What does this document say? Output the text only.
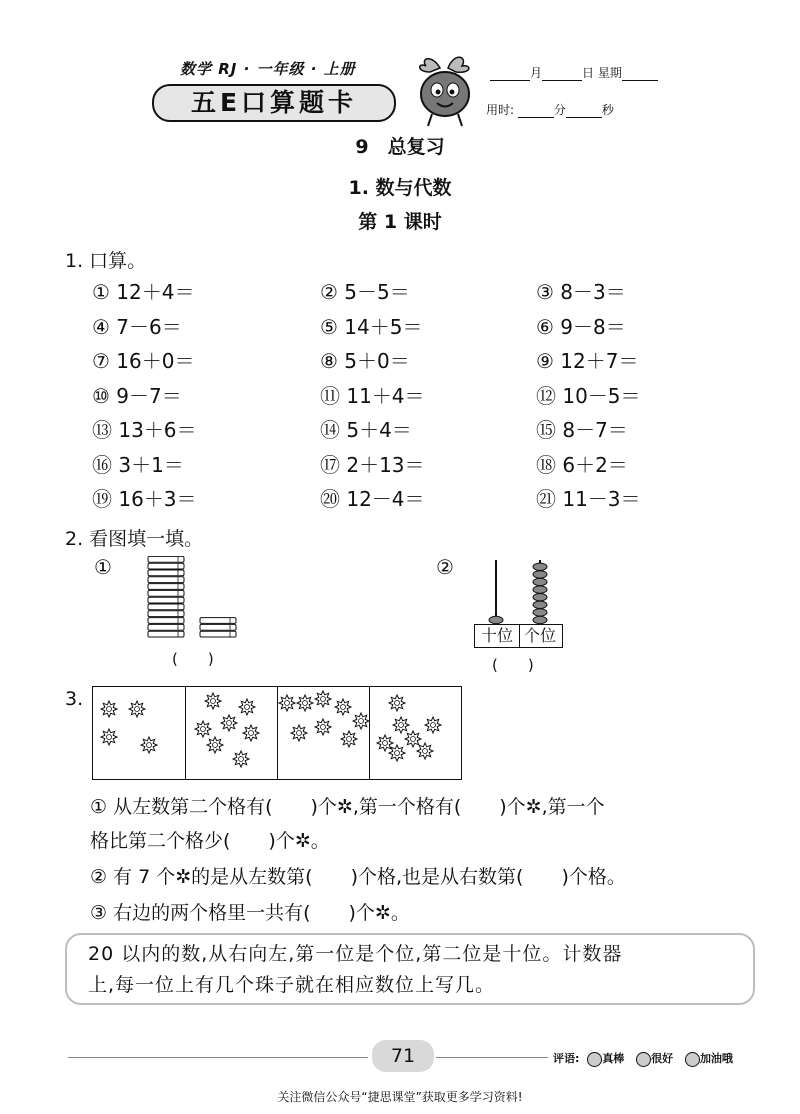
数学 RJ · 一年级 · 上册
五E口算题卡
月	日 星期
用时:	分	秒
9　总复习
1. 数与代数
第 1 课时
1. 口算。
① 12＋4＝	② 5－5＝	③ 8－3＝
④ 7－6＝	⑤ 14＋5＝	⑥ 9－8＝
⑦ 16＋0＝	⑧ 5＋0＝	⑨ 12＋7＝
⑩ 9－7＝	⑪ 11＋4＝	⑫ 10－5＝
⑬ 13＋6＝	⑭ 5＋4＝	⑮ 8－7＝
⑯ 3＋1＝	⑰ 2＋13＝	⑱ 6＋2＝
⑲ 16＋3＝	⑳ 12－4＝	㉑ 11－3＝
2. 看图填一填。
①	②
(　　)
十位 个位
(　　)
3.
① 从左数第二个格有(　　)个✲,第一个格有(　　)个✲,第一个
格比第二个格少(　　)个✲。
② 有 7 个✲的是从左数第(　　)个格,也是从右数第(　　)个格。
③ 右边的两个格里一共有(　　)个✲。
20 以内的数,从右向左,第一位是个位,第二位是十位。计数器
上,每一位上有几个珠子就在相应数位上写几。
71	评语: 真棒 很好 加油哦
关注微信公众号“捷思课堂”获取更多学习资料!
